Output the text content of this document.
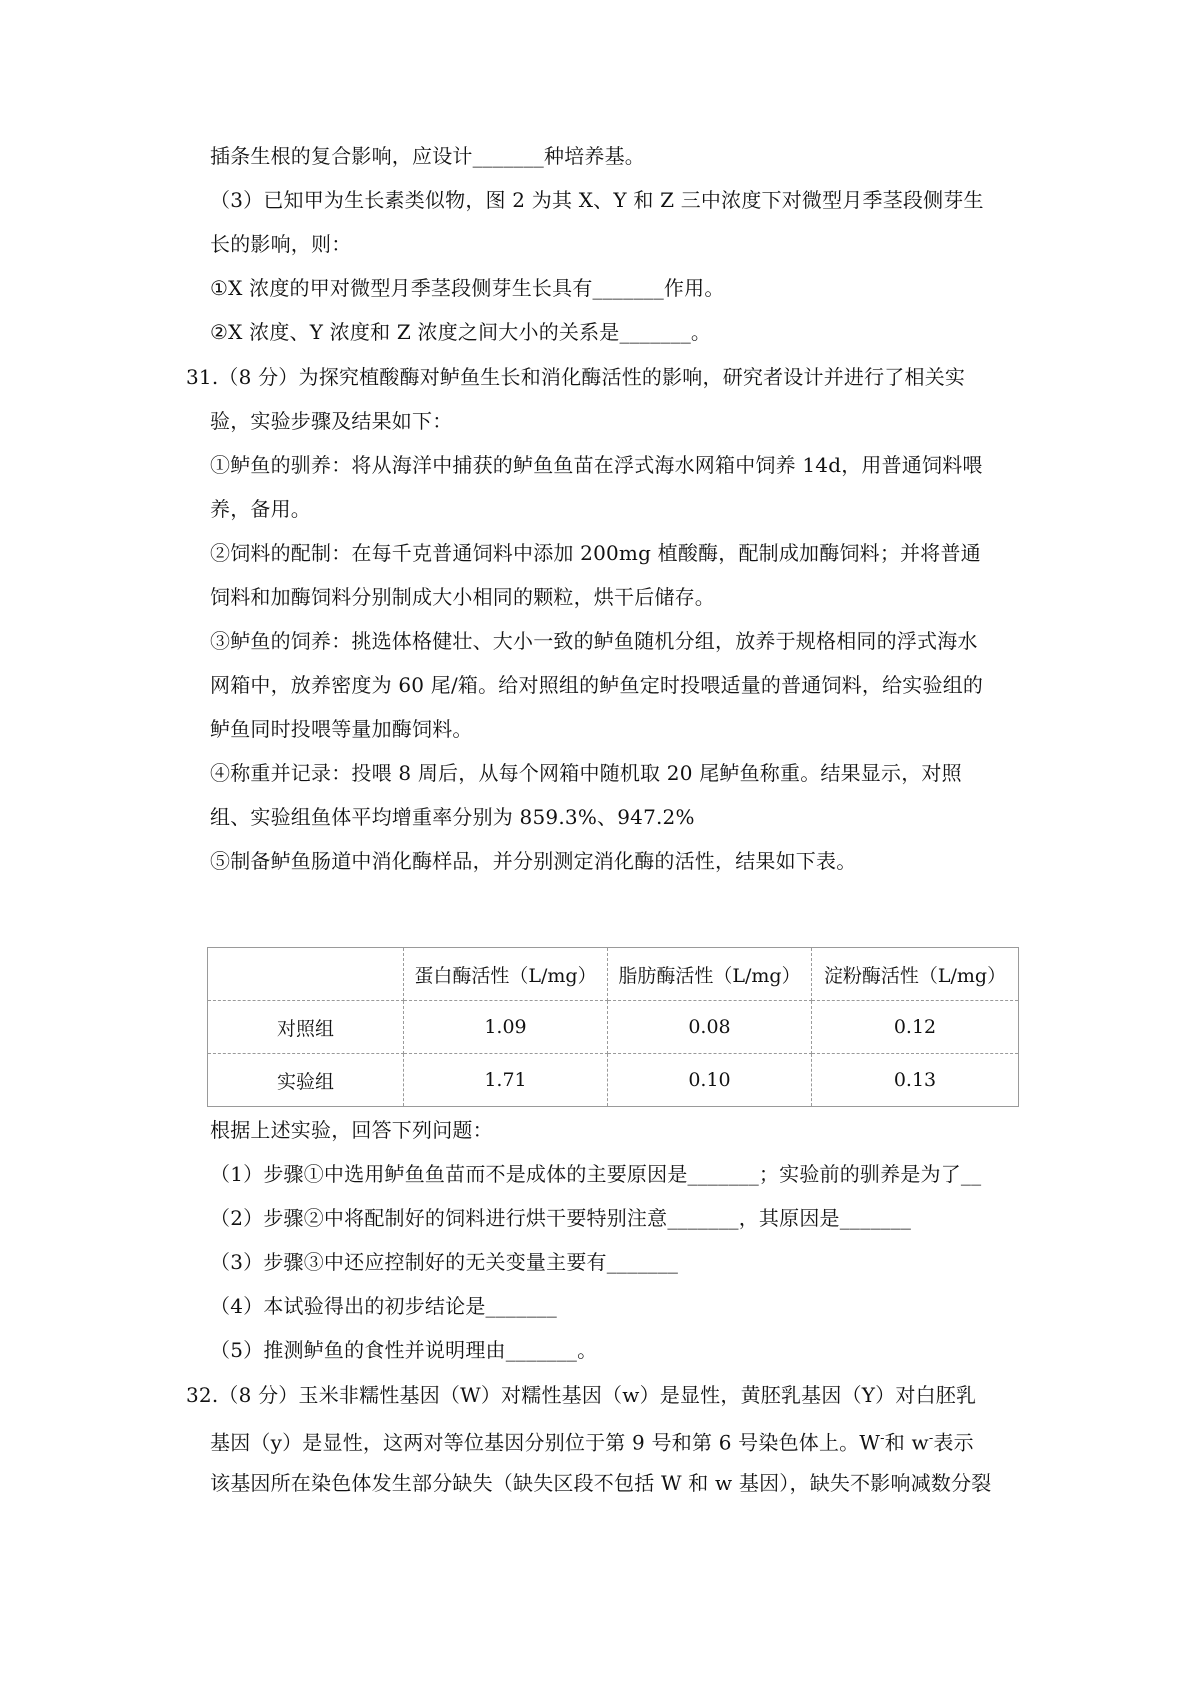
插条生根的复合影响，应设计_______种培养基。
（3）已知甲为生长素类似物，图 2 为其 X、Y 和 Z 三中浓度下对微型月季茎段侧芽生
长的影响，则：
①X 浓度的甲对微型月季茎段侧芽生长具有_______作用。
②X 浓度、Y 浓度和 Z 浓度之间大小的关系是_______。
31.（8 分）为探究植酸酶对鲈鱼生长和消化酶活性的影响，研究者设计并进行了相关实
验，实验步骤及结果如下：
①鲈鱼的驯养：将从海洋中捕获的鲈鱼鱼苗在浮式海水网箱中饲养 14d，用普通饲料喂
养，备用。
②饲料的配制：在每千克普通饲料中添加 200mg 植酸酶，配制成加酶饲料；并将普通
饲料和加酶饲料分别制成大小相同的颗粒，烘干后储存。
③鲈鱼的饲养：挑选体格健壮、大小一致的鲈鱼随机分组，放养于规格相同的浮式海水
网箱中，放养密度为 60 尾/箱。给对照组的鲈鱼定时投喂适量的普通饲料，给实验组的
鲈鱼同时投喂等量加酶饲料。
④称重并记录：投喂 8 周后，从每个网箱中随机取 20 尾鲈鱼称重。结果显示，对照
组、实验组鱼体平均增重率分别为 859.3%、947.2%
⑤制备鲈鱼肠道中消化酶样品，并分别测定消化酶的活性，结果如下表。
	蛋白酶活性（L/mg）	脂肪酶活性（L/mg）	淀粉酶活性（L/mg）
对照组	1.09	0.08	0.12
实验组	1.71	0.10	0.13
根据上述实验，回答下列问题：
（1）步骤①中选用鲈鱼鱼苗而不是成体的主要原因是_______；实验前的驯养是为了__
（2）步骤②中将配制好的饲料进行烘干要特别注意_______，其原因是_______
（3）步骤③中还应控制好的无关变量主要有_______
（4）本试验得出的初步结论是_______
（5）推测鲈鱼的食性并说明理由_______。
32.（8 分）玉米非糯性基因（W）对糯性基因（w）是显性，黄胚乳基因（Y）对白胚乳
基因（y）是显性，这两对等位基因分别位于第 9 号和第 6 号染色体上。W-和 w-表示
该基因所在染色体发生部分缺失（缺失区段不包括 W 和 w 基因），缺失不影响减数分裂
